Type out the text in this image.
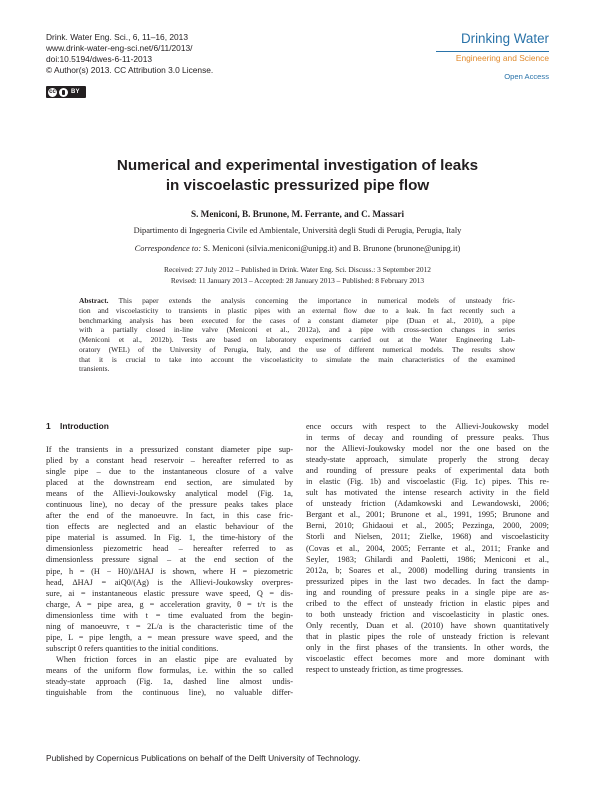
Drink. Water Eng. Sci., 6, 11–16, 2013
www.drink-water-eng-sci.net/6/11/2013/
doi:10.5194/dwes-6-11-2013
© Author(s) 2013. CC Attribution 3.0 License.
cc	BY
Drinking Water
Engineering and Science
Open Access
Numerical and experimental investigation of leaks
in viscoelastic pressurized pipe flow
S. Meniconi, B. Brunone, M. Ferrante, and C. Massari
Dipartimento di Ingegneria Civile ed Ambientale, Università degli Studi di Perugia, Perugia, Italy
Correspondence to: S. Meniconi (silvia.meniconi@unipg.it) and B. Brunone (brunone@unipg.it)
Received: 27 July 2012 – Published in Drink. Water Eng. Sci. Discuss.: 3 September 2012
Revised: 11 January 2013 – Accepted: 28 January 2013 – Published: 8 February 2013
Abstract. This paper extends the analysis concerning the importance in numerical models of unsteady fric-
tion and viscoelasticity to transients in plastic pipes with an external flow due to a leak. In fact recently such a
benchmarking analysis has been executed for the cases of a constant diameter pipe (Duan et al., 2010), a pipe
with a partially closed in-line valve (Meniconi et al., 2012a), and a pipe with cross-section changes in series
(Meniconi et al., 2012b). Tests are based on laboratory experiments carried out at the Water Engineering Lab-
oratory (WEL) of the University of Perugia, Italy, and the use of different numerical models. The results show
that it is crucial to take into account the viscoelasticity to simulate the main characteristics of the examined
transients.
1 Introduction
If the transients in a pressurized constant diameter pipe sup-
plied by a constant head reservoir – hereafter referred to as
single pipe – due to the instantaneous closure of a valve
placed at the downstream end section, are simulated by
means of the Allievi-Joukowsky analytical model (Fig. 1a,
continuous line), no decay of the pressure peaks takes place
after the end of the manoeuvre. In fact, in this case fric-
tion effects are neglected and an elastic behaviour of the
pipe material is assumed. In Fig. 1, the time-history of the
dimensionless piezometric head – hereafter referred to as
dimensionless pressure signal – at the end section of the
pipe, h = (H − H0)/ΔHAJ is shown, where H = piezometric
head, ΔHAJ = aiQ0/(Ag) is the Allievi-Joukowsky overpres-
sure, ai = instantaneous elastic pressure wave speed, Q = dis-
charge, A = pipe area, g = acceleration gravity, θ = t/τ is the
dimensionless time with t = time evaluated from the begin-
ning of manoeuvre, τ = 2L/a is the characteristic time of the
pipe, L = pipe length, a = mean pressure wave speed, and the
subscript 0 refers quantities to the initial conditions.
When friction forces in an elastic pipe are evaluated by
means of the uniform flow formulas, i.e. within the so called
steady-state approach (Fig. 1a, dashed line almost undis-
tinguishable from the continuous line), no valuable differ-
ence occurs with respect to the Allievi-Joukowsky model
in terms of decay and rounding of pressure peaks. Thus
nor the Allievi-Joukowsky model nor the one based on the
steady-state approach, simulate properly the strong decay
and rounding of pressure peaks of experimental data both
in elastic (Fig. 1b) and viscoelastic (Fig. 1c) pipes. This re-
sult has motivated the intense research activity in the field
of unsteady friction (Adamkowski and Lewandowski, 2006;
Bergant et al., 2001; Brunone et al., 1991, 1995; Brunone and
Berni, 2010; Ghidaoui et al., 2005; Pezzinga, 2000, 2009;
Storli and Nielsen, 2011; Zielke, 1968) and viscoelasticity
(Covas et al., 2004, 2005; Ferrante et al., 2011; Franke and
Seyler, 1983; Ghilardi and Paoletti, 1986; Meniconi et al.,
2012a, b; Soares et al., 2008) modelling during transients in
pressurized pipes in the last two decades. In fact the damp-
ing and rounding of pressure peaks in a single pipe are as-
cribed to the effect of unsteady friction in elastic pipes and
to both unsteady friction and viscoelasticity in plastic ones.
Only recently, Duan et al. (2010) have shown quantitatively
that in plastic pipes the role of unsteady friction is relevant
only in the first phases of the transients. In other words, the
viscoelastic effect becomes more and more dominant with
respect to unsteady friction, as time progresses.
Published by Copernicus Publications on behalf of the Delft University of Technology.
